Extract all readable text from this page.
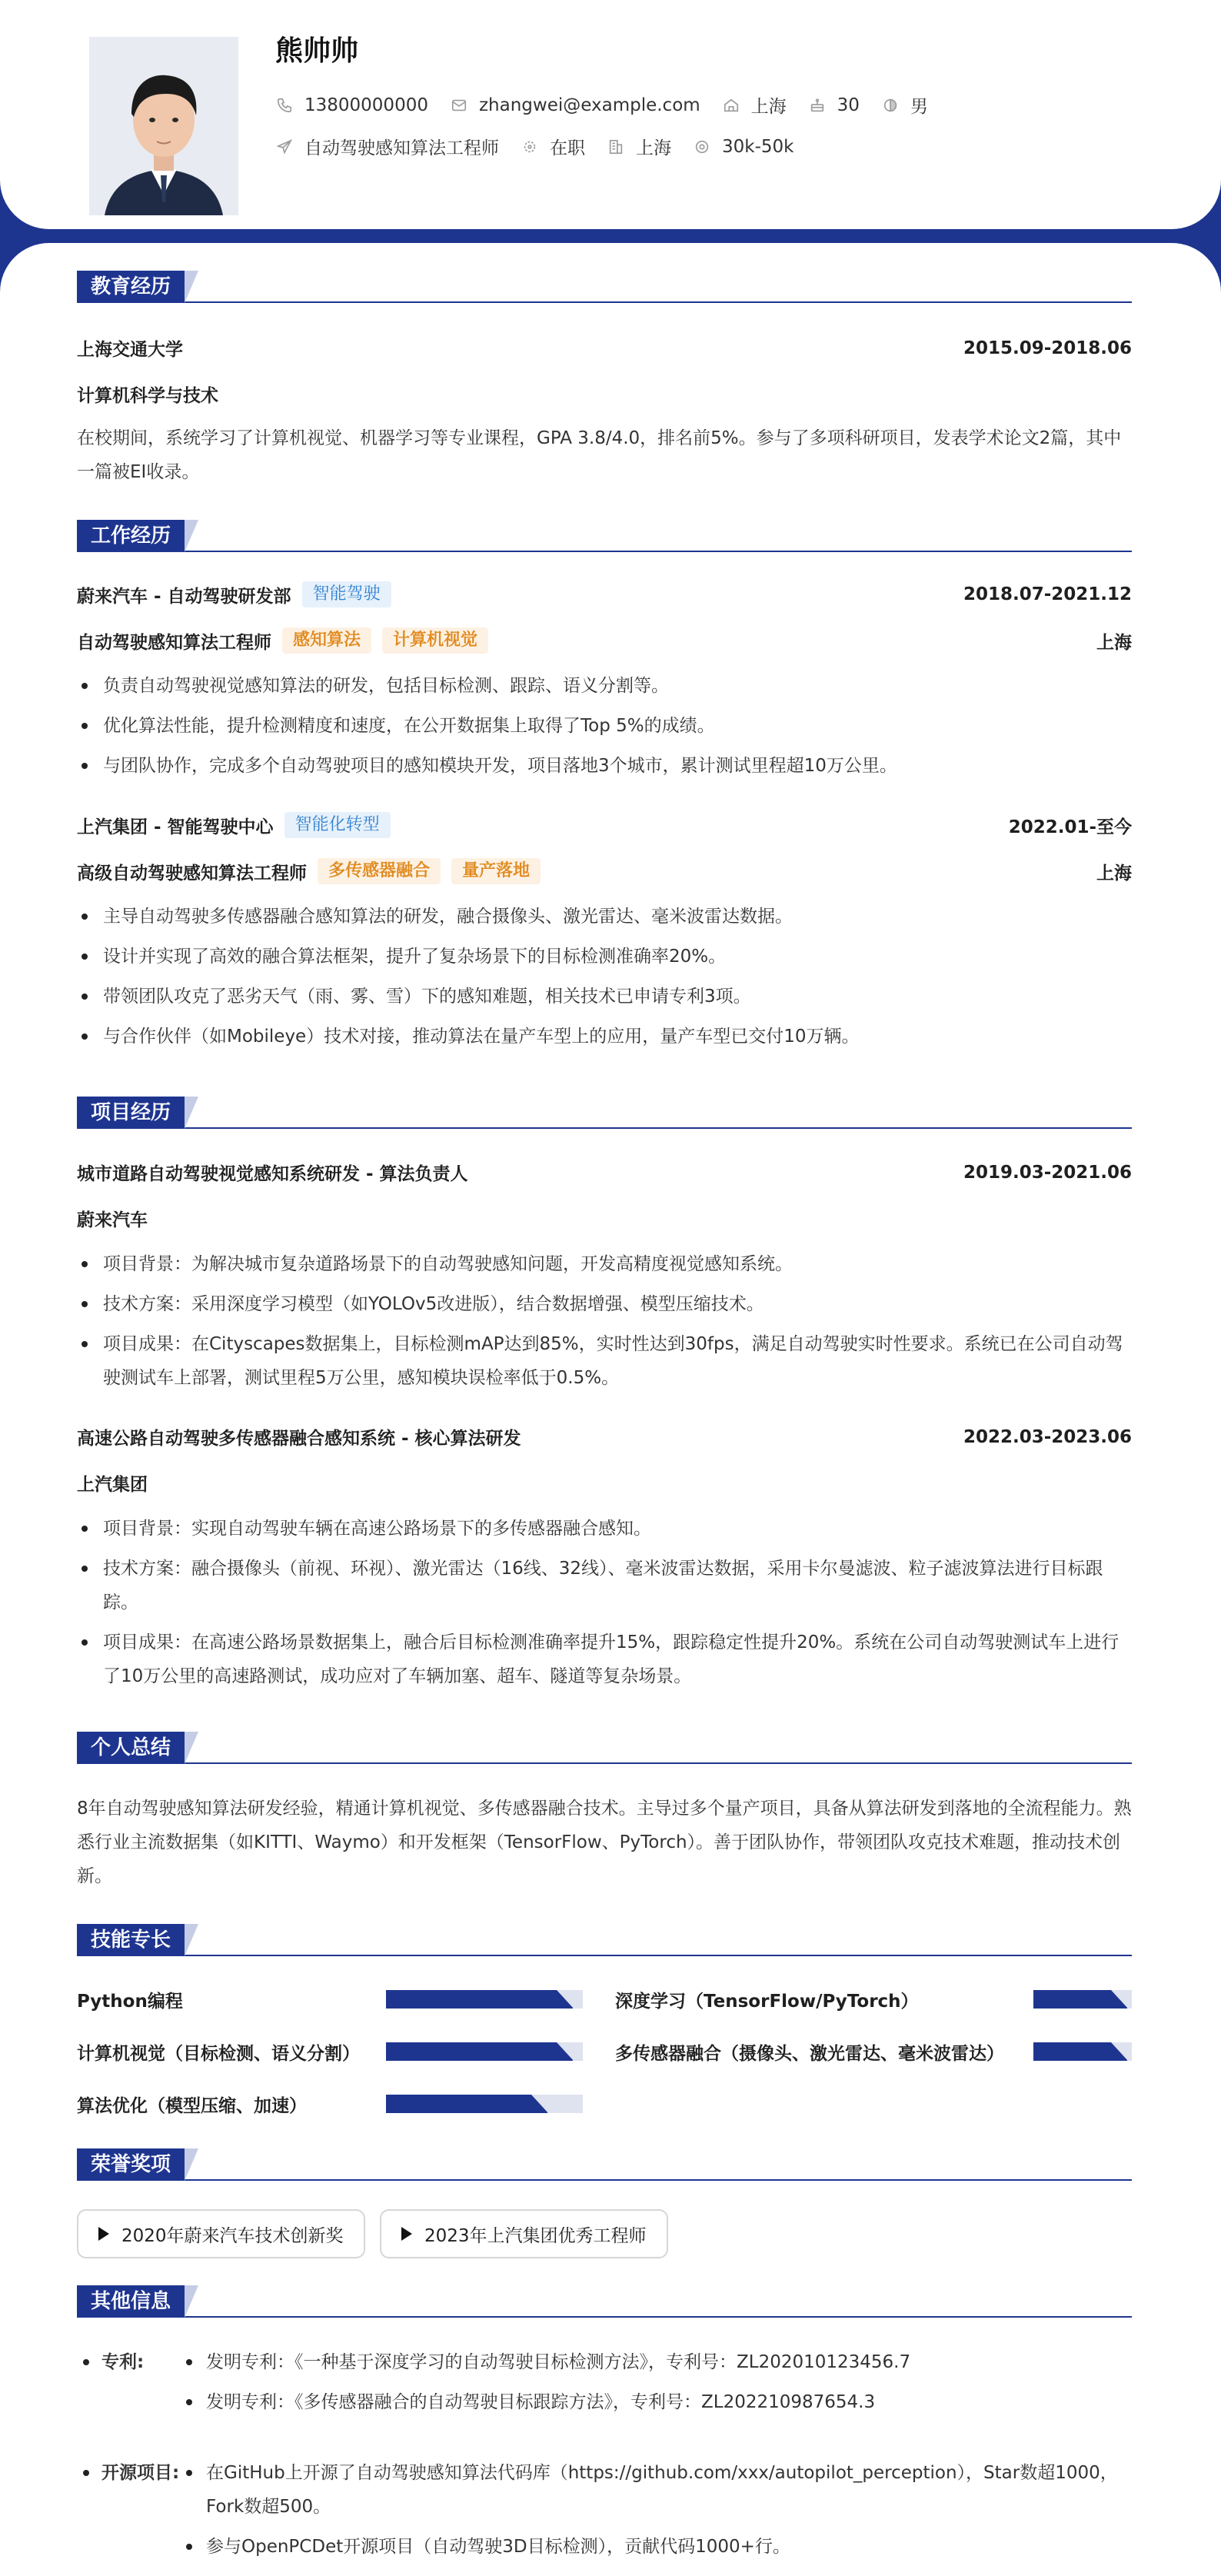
熊帅帅
13800000000	zhangwei@example.com	上海	30	男
自动驾驶感知算法工程师	在职	上海	30k-50k
教育经历
上海交通大学	2015.09-2018.06
计算机科学与技术
在校期间，系统学习了计算机视觉、机器学习等专业课程，GPA 3.8/4.0，排名前5%。参与了多项科研项目，发表学术论文2篇，其中一篇被EI收录。
工作经历
蔚来汽车 - 自动驾驶研发部	智能驾驶	2018.07-2021.12
自动驾驶感知算法工程师	感知算法	计算机视觉	上海
负责自动驾驶视觉感知算法的研发，包括目标检测、跟踪、语义分割等。
优化算法性能，提升检测精度和速度，在公开数据集上取得了Top 5%的成绩。
与团队协作，完成多个自动驾驶项目的感知模块开发，项目落地3个城市，累计测试里程超10万公里。
上汽集团 - 智能驾驶中心	智能化转型	2022.01-至今
高级自动驾驶感知算法工程师	多传感器融合	量产落地	上海
主导自动驾驶多传感器融合感知算法的研发，融合摄像头、激光雷达、毫米波雷达数据。
设计并实现了高效的融合算法框架，提升了复杂场景下的目标检测准确率20%。
带领团队攻克了恶劣天气（雨、雾、雪）下的感知难题，相关技术已申请专利3项。
与合作伙伴（如Mobileye）技术对接，推动算法在量产车型上的应用，量产车型已交付10万辆。
项目经历
城市道路自动驾驶视觉感知系统研发 - 算法负责人	2019.03-2021.06
蔚来汽车
项目背景：为解决城市复杂道路场景下的自动驾驶感知问题，开发高精度视觉感知系统。
技术方案：采用深度学习模型（如YOLOv5改进版），结合数据增强、模型压缩技术。
项目成果：在Cityscapes数据集上，目标检测mAP达到85%，实时性达到30fps，满足自动驾驶实时性要求。系统已在公司自动驾驶测试车上部署，测试里程5万公里，感知模块误检率低于0.5%。
高速公路自动驾驶多传感器融合感知系统 - 核心算法研发	2022.03-2023.06
上汽集团
项目背景：实现自动驾驶车辆在高速公路场景下的多传感器融合感知。
技术方案：融合摄像头（前视、环视）、激光雷达（16线、32线）、毫米波雷达数据，采用卡尔曼滤波、粒子滤波算法进行目标跟踪。
项目成果：在高速公路场景数据集上，融合后目标检测准确率提升15%，跟踪稳定性提升20%。系统在公司自动驾驶测试车上进行了10万公里的高速路测试，成功应对了车辆加塞、超车、隧道等复杂场景。
个人总结
8年自动驾驶感知算法研发经验，精通计算机视觉、多传感器融合技术。主导过多个量产项目，具备从算法研发到落地的全流程能力。熟悉行业主流数据集（如KITTI、Waymo）和开发框架（TensorFlow、PyTorch）。善于团队协作，带领团队攻克技术难题，推动技术创新。
技能专长
Python编程	深度学习（TensorFlow/PyTorch）
计算机视觉（目标检测、语义分割）	多传感器融合（摄像头、激光雷达、毫米波雷达）
算法优化（模型压缩、加速）
荣誉奖项
2020年蔚来汽车技术创新奖	2023年上汽集团优秀工程师
其他信息
专利:	发明专利：《一种基于深度学习的自动驾驶目标检测方法》，专利号：ZL202010123456.7
发明专利：《多传感器融合的自动驾驶目标跟踪方法》，专利号：ZL202210987654.3
开源项目:	在GitHub上开源了自动驾驶感知算法代码库（https://github.com/xxx/autopilot_perception），Star数超1000，Fork数超500。
参与OpenPCDet开源项目（自动驾驶3D目标检测），贡献代码1000+行。
